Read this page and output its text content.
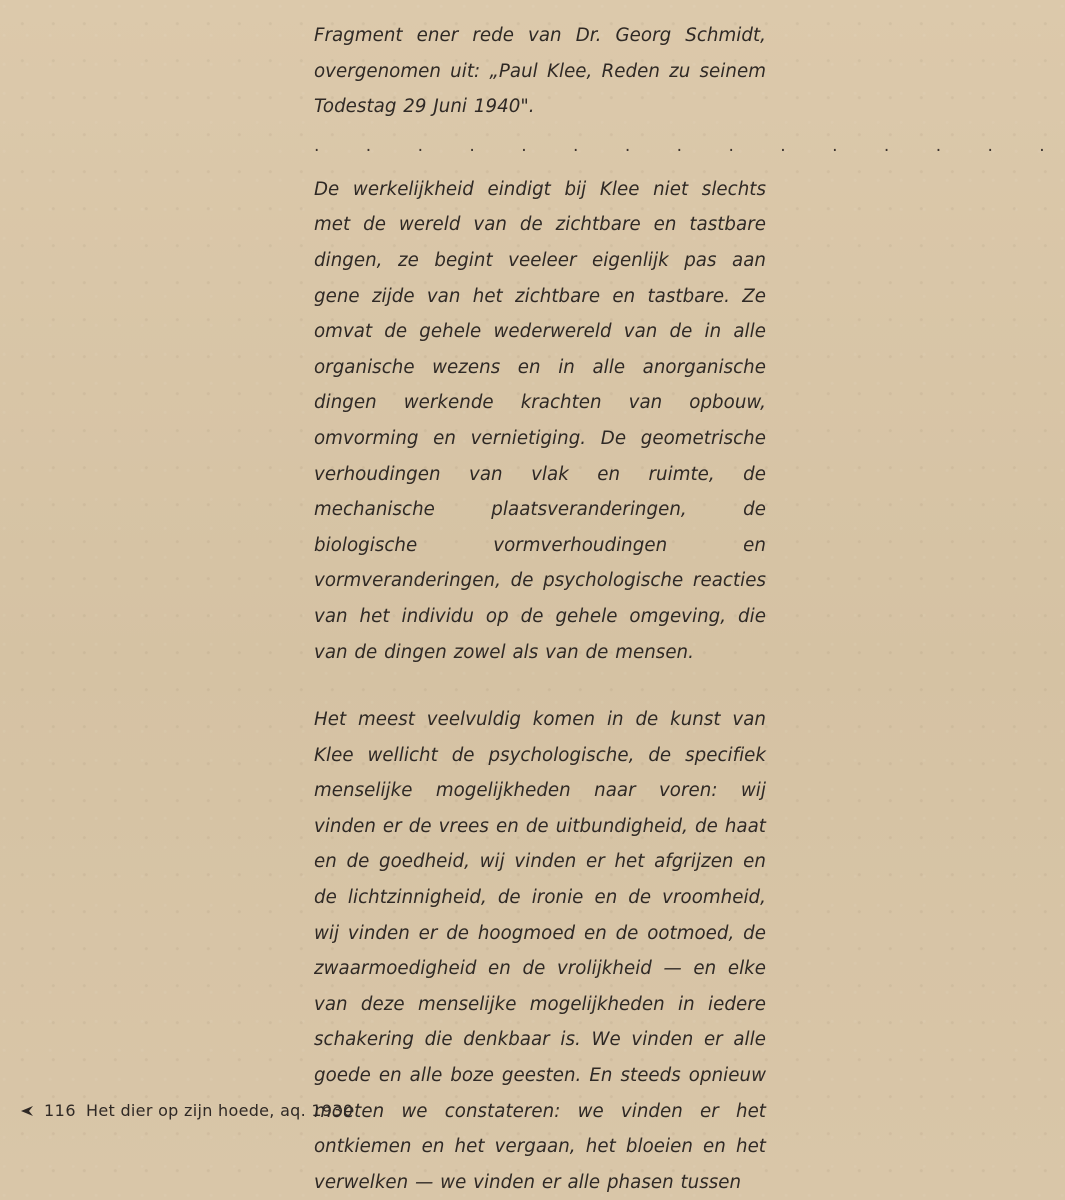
Fragment ener rede van Dr. Georg Schmidt, overgenomen uit: „Paul Klee, Reden zu seinem Todestag 29 Juni 1940".

. . . . . . . . . . . . . . .

De werkelijkheid eindigt bij Klee niet slechts met de wereld van de zichtbare en tastbare dingen, ze begint veeleer eigenlijk pas aan gene zijde van het zichtbare en tastbare. Ze omvat de gehele wederwereld van de in alle organische wezens en in alle anorganische dingen werkende krachten van opbouw, omvorming en vernietiging. De geometrische verhoudingen van vlak en ruimte, de mechanische plaatsveranderingen, de biologische vormverhoudingen en vormveranderingen, de psychologische reacties van het individu op de gehele omgeving, die van de dingen zowel als van de mensen.

Het meest veelvuldig komen in de kunst van Klee wellicht de psychologische, de specifiek menselijke mogelijkheden naar voren: wij vinden er de vrees en de uitbundigheid, de haat en de goedheid, wij vinden er het afgrijzen en de lichtzinnigheid, de ironie en de vroomheid, wij vinden er de hoogmoed en de ootmoed, de zwaarmoedigheid en de vrolijkheid — en elke van deze menselijke mogelijkheden in iedere schakering die denkbaar is. We vinden er alle goede en alle boze geesten. En steeds opnieuw moeten we constateren: we vinden er het ontkiemen en het vergaan, het bloeien en het verwelken — we vinden er alle phasen tussen

116 Het dier op zijn hoede, aq. 1930
